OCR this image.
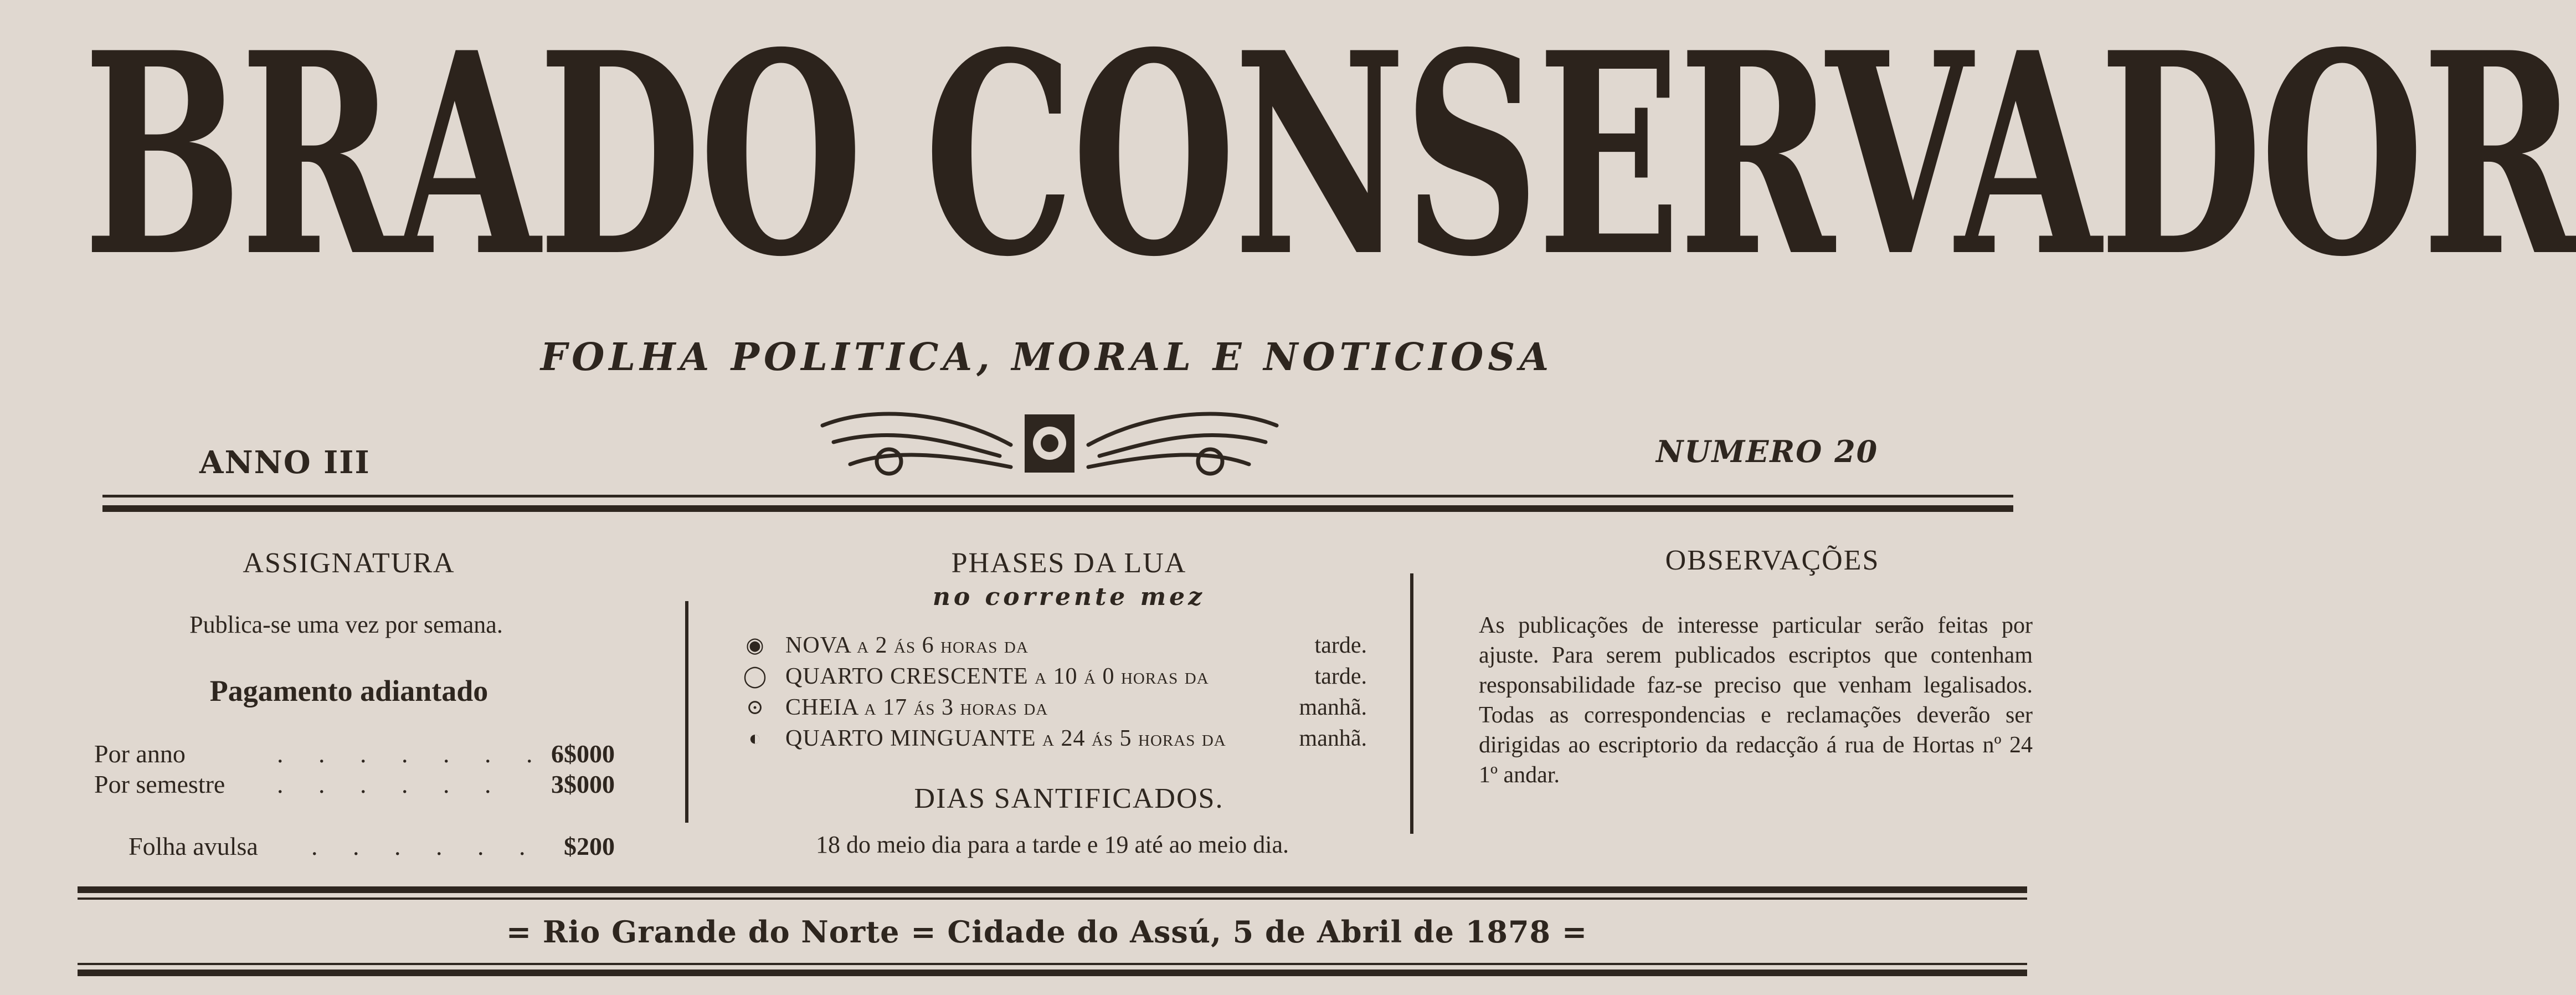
BRADO CONSERVADOR
FOLHA POLITICA, MORAL E NOTICIOSA
ANNO III	NUMERO 20
ASSIGNATURA
Publica-se uma vez por semana.
Pagamento adiantado
Por anno	. . . . . . . 6$000
Por semestre . . . . . . 3$000
Folha avulsa . . . . . . $200
PHASES DA LUA
no corrente mez
◉ NOVA a 2 ás 6 horas da	tarde.
◯ QUARTO CRESCENTE a 10 á 0 horas da	tarde.
⊙ CHEIA a 17 ás 3 horas da	manhã.
◐	QUARTO MINGUANTE a 24 ás 5 horas da	manhã.
DIAS SANTIFICADOS.
18 do meio dia para a tarde e 19 até ao meio dia.
OBSERVAÇÕES
As publicações de interesse particular serão feitas por ajuste. Para serem publicados escriptos que contenham responsabilidade faz-se preciso que venham legalisados. Todas as correspondencias e reclamações deverão ser dirigidas ao escriptorio da redacção á rua de Hortas nº 24 1º andar.
= Rio Grande do Norte = Cidade do Assú, 5 de Abril de 1878 =
